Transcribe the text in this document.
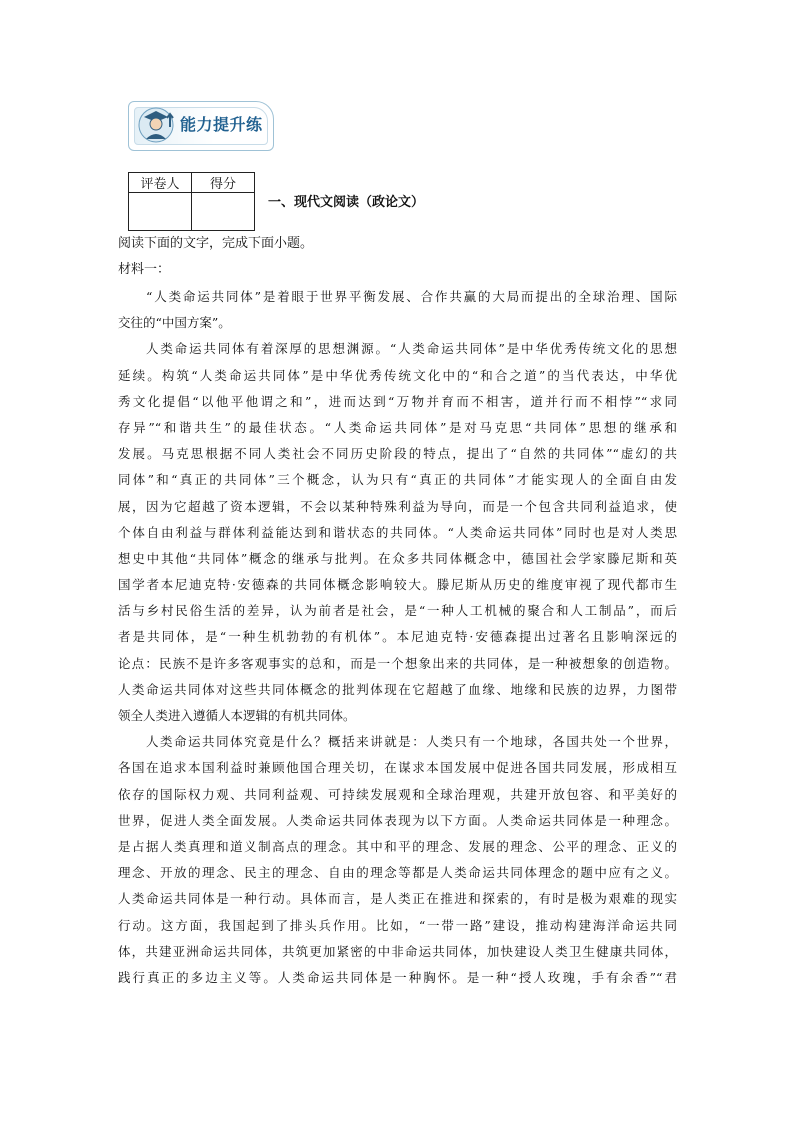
能力提升练
评卷人	得分

一、现代文阅读（政论文）
阅读下面的文字，完成下面小题。
材料一：
“人类命运共同体”是着眼于世界平衡发展、合作共赢的大局而提出的全球治理、国际
交往的“中国方案”。
人类命运共同体有着深厚的思想渊源。“人类命运共同体”是中华优秀传统文化的思想
延续。构筑“人类命运共同体”是中华优秀传统文化中的“和合之道”的当代表达，中华优
秀文化提倡“以他平他谓之和”，进而达到“万物并育而不相害，道并行而不相悖”“求同
存异”“和谐共生”的最佳状态。“人类命运共同体”是对马克思“共同体”思想的继承和
发展。马克思根据不同人类社会不同历史阶段的特点，提出了“自然的共同体”“虚幻的共
同体”和“真正的共同体”三个概念，认为只有“真正的共同体”才能实现人的全面自由发
展，因为它超越了资本逻辑，不会以某种特殊利益为导向，而是一个包含共同利益追求，使
个体自由利益与群体利益能达到和谐状态的共同体。“人类命运共同体”同时也是对人类思
想史中其他“共同体”概念的继承与批判。在众多共同体概念中，德国社会学家滕尼斯和英
国学者本尼迪克特·安德森的共同体概念影响较大。滕尼斯从历史的维度审视了现代都市生
活与乡村民俗生活的差异，认为前者是社会，是“一种人工机械的聚合和人工制品”，而后
者是共同体，是“一种生机勃勃的有机体”。本尼迪克特·安德森提出过著名且影响深远的
论点：民族不是许多客观事实的总和，而是一个想象出来的共同体，是一种被想象的创造物。
人类命运共同体对这些共同体概念的批判体现在它超越了血缘、地缘和民族的边界，力图带
领全人类进入遵循人本逻辑的有机共同体。
人类命运共同体究竟是什么？概括来讲就是：人类只有一个地球，各国共处一个世界，
各国在追求本国利益时兼顾他国合理关切，在谋求本国发展中促进各国共同发展，形成相互
依存的国际权力观、共同利益观、可持续发展观和全球治理观，共建开放包容、和平美好的
世界，促进人类全面发展。人类命运共同体表现为以下方面。人类命运共同体是一种理念。
是占据人类真理和道义制高点的理念。其中和平的理念、发展的理念、公平的理念、正义的
理念、开放的理念、民主的理念、自由的理念等都是人类命运共同体理念的题中应有之义。
人类命运共同体是一种行动。具体而言，是人类正在推进和探索的，有时是极为艰难的现实
行动。这方面，我国起到了排头兵作用。比如，“一带一路”建设，推动构建海洋命运共同
体，共建亚洲命运共同体，共筑更加紧密的中非命运共同体，加快建设人类卫生健康共同体，
践行真正的多边主义等。人类命运共同体是一种胸怀。是一种“授人玫瑰，手有余香”“君
